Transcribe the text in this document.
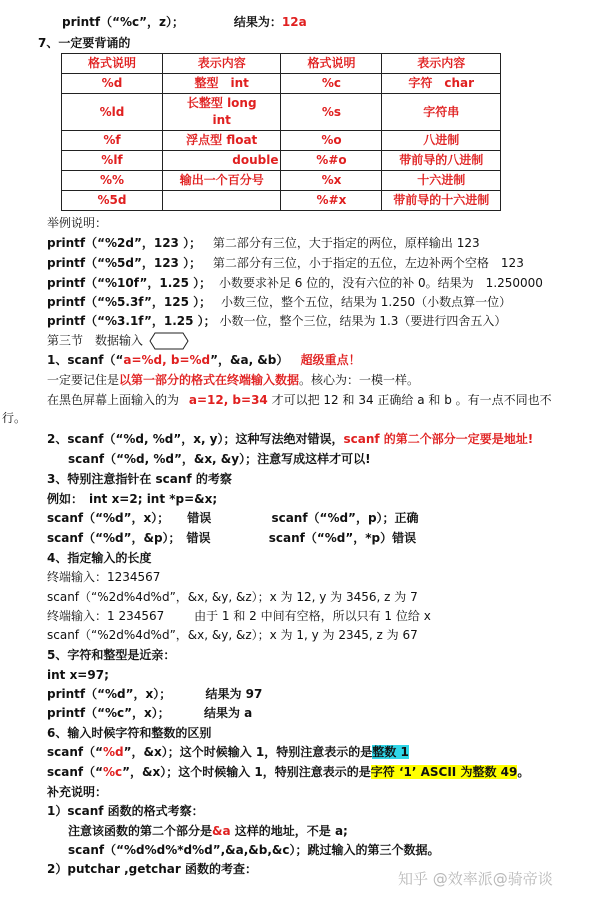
printf（“%c”，z）；	结果为：12a
7、一定要背诵的
格式说明	表示内容	格式说明	表示内容
%d	整型　int	%c	字符　char
%ld	长整型 long int	%s	字符串
%f	浮点型 float	%o	八进制
%lf	double	%#o	带前导的八进制
%%	输出一个百分号	%x	十六进制
%5d		%#x	带前导的十六进制
举例说明：
printf（“%2d”，123 ）； 第二部分有三位，大于指定的两位，原样输出 123
printf（“%5d”，123 ）； 第二部分有三位，小于指定的五位，左边补两个空格　123
printf（“%10f”，1.25 ）； 小数要求补足 6 位的，没有六位的补 0。结果为　1.250000
printf（“%5.3f”，125 ）； 小数三位，整个五位，结果为 1.250（小数点算一位）
printf（“%3.1f”，1.25 ）； 小数一位，整个三位，结果为 1.3（要进行四舍五入）
第三节　数据输入
1、scanf（“a=%d, b=%d”，&a, &b） 超级重点！
一定要记住是以第一部分的格式在终端输入数据。核心为：一模一样。
在黑色屏幕上面输入的为 a=12, b=34 才可以把 12 和 34 正确给 a 和 b 。有一点不同也不
行。
2、scanf（“%d, %d”，x, y）；这种写法绝对错误，scanf 的第二个部分一定要是地址!
scanf（“%d, %d”，&x, &y）；注意写成这样才可以!
3、特别注意指针在 scanf 的考察
例如：　int x=2; int *p=&x;
scanf（“%d”，x）；　　错误	scanf（“%d”，p）；正确
scanf（“%d”，&p）；　错误	scanf（“%d”，*p）错误
4、指定输入的长度
终端输入：1234567
scanf（“%2d%4d%d”，&x, &y, &z）；x 为 12, y 为 3456, z 为 7
终端输入：1 234567 由于 1 和 2 中间有空格，所以只有 1 位给 x
scanf（“%2d%4d%d”，&x, &y, &z）；x 为 1, y 为 2345, z 为 67
5、字符和整型是近亲：
int x=97;
printf（“%d”，x）；	结果为 97
printf（“%c”，x）；	结果为 a
6、输入时候字符和整数的区别
scanf（“%d”，&x）；这个时候输入 1，特别注意表示的是整数 1
scanf（“%c”，&x）；这个时候输入 1，特别注意表示的是字符 ‘1’ ASCII 为整数 49。
补充说明：
1）scanf 函数的格式考察：
注意该函数的第二个部分是&a 这样的地址，不是 a;
scanf（“%d%d%*d%d”,&a,&b,&c）；跳过输入的第三个数据。
2）putchar ,getchar 函数的考查：
知乎 @效率派@骑帝谈
